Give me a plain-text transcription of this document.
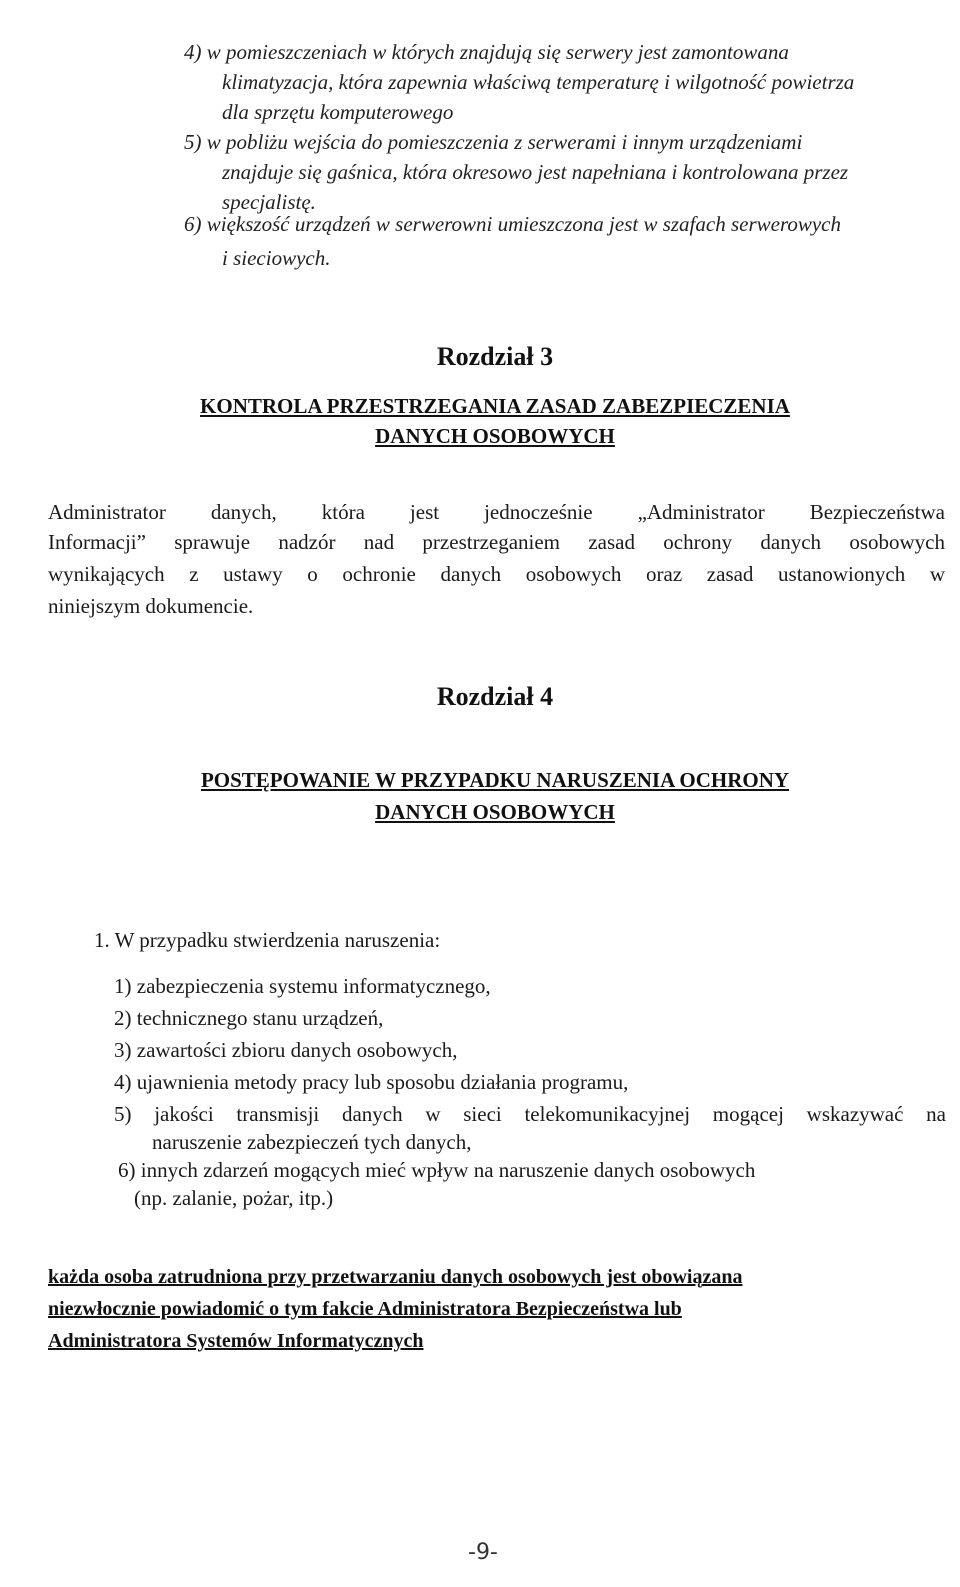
4) w pomieszczeniach w których znajdują się serwery jest zamontowana
klimatyzacja, która zapewnia właściwą temperaturę i wilgotność powietrza
dla sprzętu komputerowego
5) w pobliżu wejścia do pomieszczenia z serwerami i innym urządzeniami
znajduje się gaśnica, która okresowo jest napełniana i kontrolowana przez
specjalistę.
6) większość urządzeń w serwerowni umieszczona jest w szafach serwerowych
i sieciowych.
Rozdział 3
KONTROLA PRZESTRZEGANIA ZASAD ZABEZPIECZENIA
DANYCH OSOBOWYCH
Administrator danych, która jest jednocześnie „Administrator Bezpieczeństwa
Informacji” sprawuje nadzór nad przestrzeganiem zasad ochrony danych osobowych
wynikających z ustawy o ochronie danych osobowych oraz zasad ustanowionych w
niniejszym dokumencie.
Rozdział 4
POSTĘPOWANIE W PRZYPADKU NARUSZENIA OCHRONY
DANYCH OSOBOWYCH
1. W przypadku stwierdzenia naruszenia:
1) zabezpieczenia systemu informatycznego,
2) technicznego stanu urządzeń,
3) zawartości zbioru danych osobowych,
4) ujawnienia metody pracy lub sposobu działania programu,
5) jakości transmisji danych w sieci telekomunikacyjnej mogącej wskazywać na
naruszenie zabezpieczeń tych danych,
6) innych zdarzeń mogących mieć wpływ na naruszenie danych osobowych
(np. zalanie, pożar, itp.)
każda osoba zatrudniona przy przetwarzaniu danych osobowych jest obowiązana
niezwłocznie powiadomić o tym fakcie Administratora Bezpieczeństwa lub
Administratora Systemów Informatycznych
-9-
